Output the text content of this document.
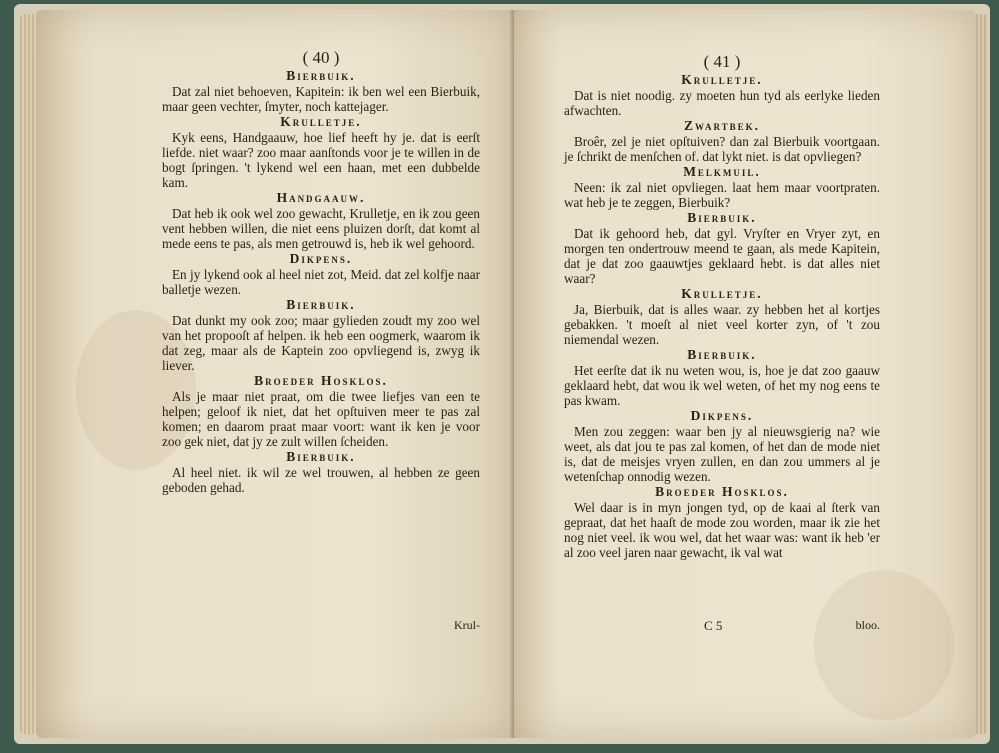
( 40 )
Bierbuik.

Dat zal niet behoeven, Kapitein: ik ben wel een Bierbuik, maar geen vechter, ſmyter, noch kattejager.

Krulletje.

Kyk eens, Handgaauw, hoe lief heeft hy je. dat is eerſt liefde. niet waar? zoo maar aanſtonds voor je te willen in de bogt ſpringen. 't lykend wel een haan, met een dubbelde kam.

Handgaauw.

Dat heb ik ook wel zoo gewacht, Krulletje, en ik zou geen vent hebben willen, die niet eens pluizen dorſt, dat komt al mede eens te pas, als men getrouwd is, heb ik wel gehoord.

Dikpens.

En jy lykend ook al heel niet zot, Meid. dat zel kolfje naar balletje wezen.

Bierbuik.

Dat dunkt my ook zoo; maar gylieden zoudt my zoo wel van het propooſt af helpen. ik heb een oogmerk, waarom ik dat zeg, maar als de Kaptein zoo opvliegend is, zwyg ik liever.

Broeder Hosklos.

Als je maar niet praat, om die twee liefjes van een te helpen; geloof ik niet, dat het opſtuiven meer te pas zal komen; en daarom praat maar voort: want ik ken je voor zoo gek niet, dat jy ze zult willen ſcheiden.

Bierbuik.

Al heel niet. ik wil ze wel trouwen, al hebben ze geen geboden gehad.

Krul-
( 41 )
Krulletje.

Dat is niet noodig. zy moeten hun tyd als eerlyke lieden afwachten.

Zwartbek.

Broêr, zel je niet opſtuiven? dan zal Bierbuik voortgaan. je ſchrikt de menſchen of. dat lykt niet. is dat opvliegen?

Melkmuil.

Neen: ik zal niet opvliegen. laat hem maar voortpraten. wat heb je te zeggen, Bierbuik?

Bierbuik.

Dat ik gehoord heb, dat gyl. Vryſter en Vryer zyt, en morgen ten ondertrouw meend te gaan, als mede Kapitein, dat je dat zoo gaauwtjes geklaard hebt. is dat alles niet waar?

Krulletje.

Ja, Bierbuik, dat is alles waar. zy hebben het al kortjes gebakken. 't moeſt al niet veel korter zyn, of 't zou niemendal wezen.

Bierbuik.

Het eerſte dat ik nu weten wou, is, hoe je dat zoo gaauw geklaard hebt, dat wou ik wel weten, of het my nog eens te pas kwam.

Dikpens.

Men zou zeggen: waar ben jy al nieuwsgierig na? wie weet, als dat jou te pas zal komen, of het dan de mode niet is, dat de meisjes vryen zullen, en dan zou ummers al je wetenſchap onnodig wezen.

Broeder Hosklos.

Wel daar is in myn jongen tyd, op de kaai al ſterk van gepraat, dat het haaſt de mode zou worden, maar ik zie het nog niet veel. ik wou wel, dat het waar was: want ik heb 'er al zoo veel jaren naar gewacht, ik val wat

C 5	bloo.
